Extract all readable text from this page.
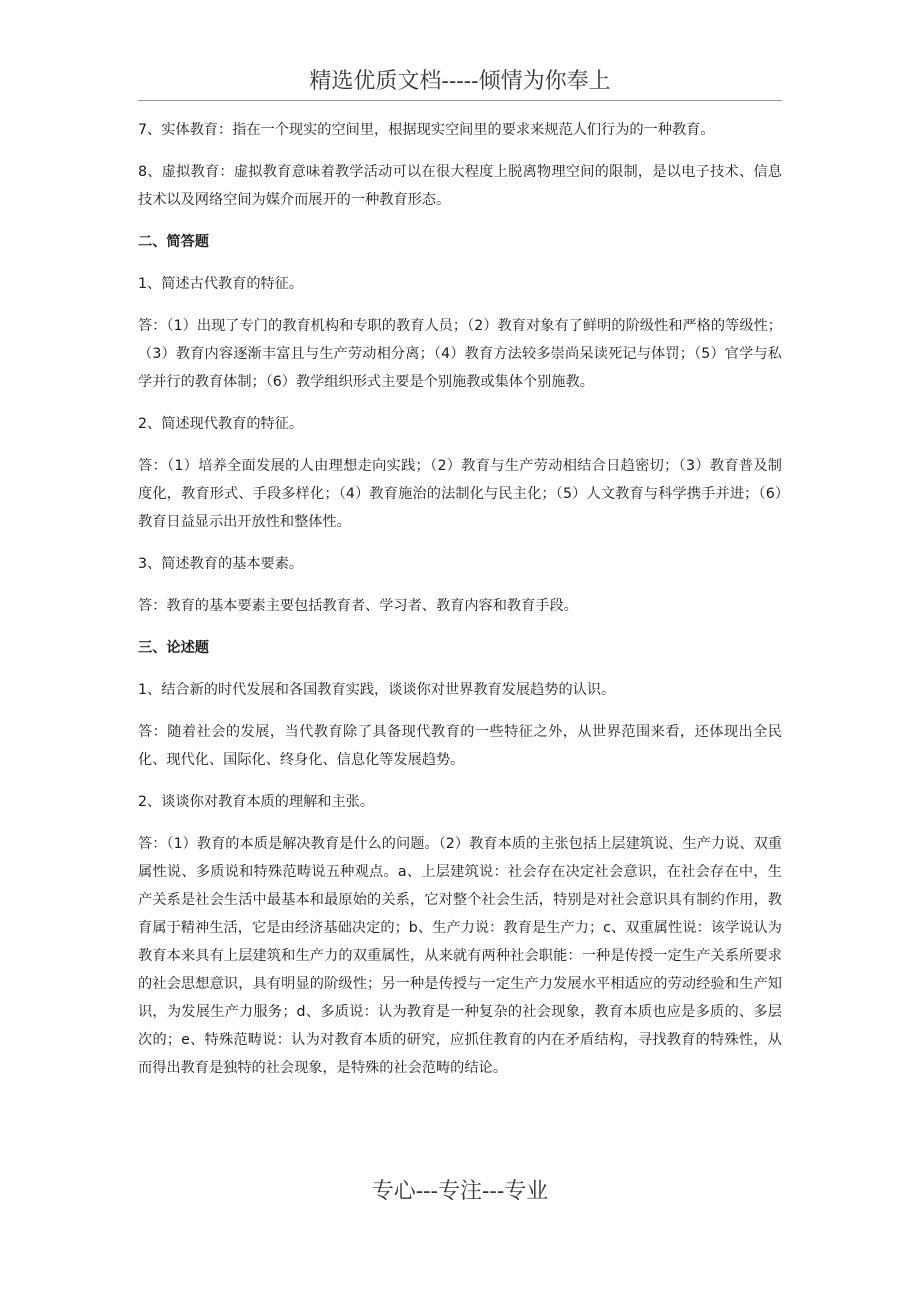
精选优质文档-----倾情为你奉上

7、实体教育：指在一个现实的空间里，根据现实空间里的要求来规范人们行为的一种教育。

8、虚拟教育：虚拟教育意味着教学活动可以在很大程度上脱离物理空间的限制，是以电子技术、信息技术以及网络空间为媒介而展开的一种教育形态。

二、简答题

1、简述古代教育的特征。

答：（1）出现了专门的教育机构和专职的教育人员；（2）教育对象有了鲜明的阶级性和严格的等级性；（3）教育内容逐渐丰富且与生产劳动相分离；（4）教育方法较多崇尚呆读死记与体罚；（5）官学与私学并行的教育体制；（6）教学组织形式主要是个别施教或集体个别施教。

2、简述现代教育的特征。

答：（1）培养全面发展的人由理想走向实践；（2）教育与生产劳动相结合日趋密切；（3）教育普及制度化，教育形式、手段多样化；（4）教育施治的法制化与民主化；（5）人文教育与科学携手并进；（6）教育日益显示出开放性和整体性。

3、简述教育的基本要素。

答：教育的基本要素主要包括教育者、学习者、教育内容和教育手段。

三、论述题

1、结合新的时代发展和各国教育实践，谈谈你对世界教育发展趋势的认识。

答：随着社会的发展，当代教育除了具备现代教育的一些特征之外，从世界范围来看，还体现出全民化、现代化、国际化、终身化、信息化等发展趋势。

2、谈谈你对教育本质的理解和主张。

答：（1）教育的本质是解决教育是什么的问题。（2）教育本质的主张包括上层建筑说、生产力说、双重属性说、多质说和特殊范畴说五种观点。a、上层建筑说：社会存在决定社会意识，在社会存在中，生产关系是社会生活中最基本和最原始的关系，它对整个社会生活，特别是对社会意识具有制约作用，教育属于精神生活，它是由经济基础决定的；b、生产力说：教育是生产力；c、双重属性说：该学说认为教育本来具有上层建筑和生产力的双重属性，从来就有两种社会职能：一种是传授一定生产关系所要求的社会思想意识，具有明显的阶级性；另一种是传授与一定生产力发展水平相适应的劳动经验和生产知识，为发展生产力服务；d、多质说：认为教育是一种复杂的社会现象，教育本质也应是多质的、多层次的；e、特殊范畴说：认为对教育本质的研究，应抓住教育的内在矛盾结构，寻找教育的特殊性，从而得出教育是独特的社会现象，是特殊的社会范畴的结论。

专心---专注---专业
